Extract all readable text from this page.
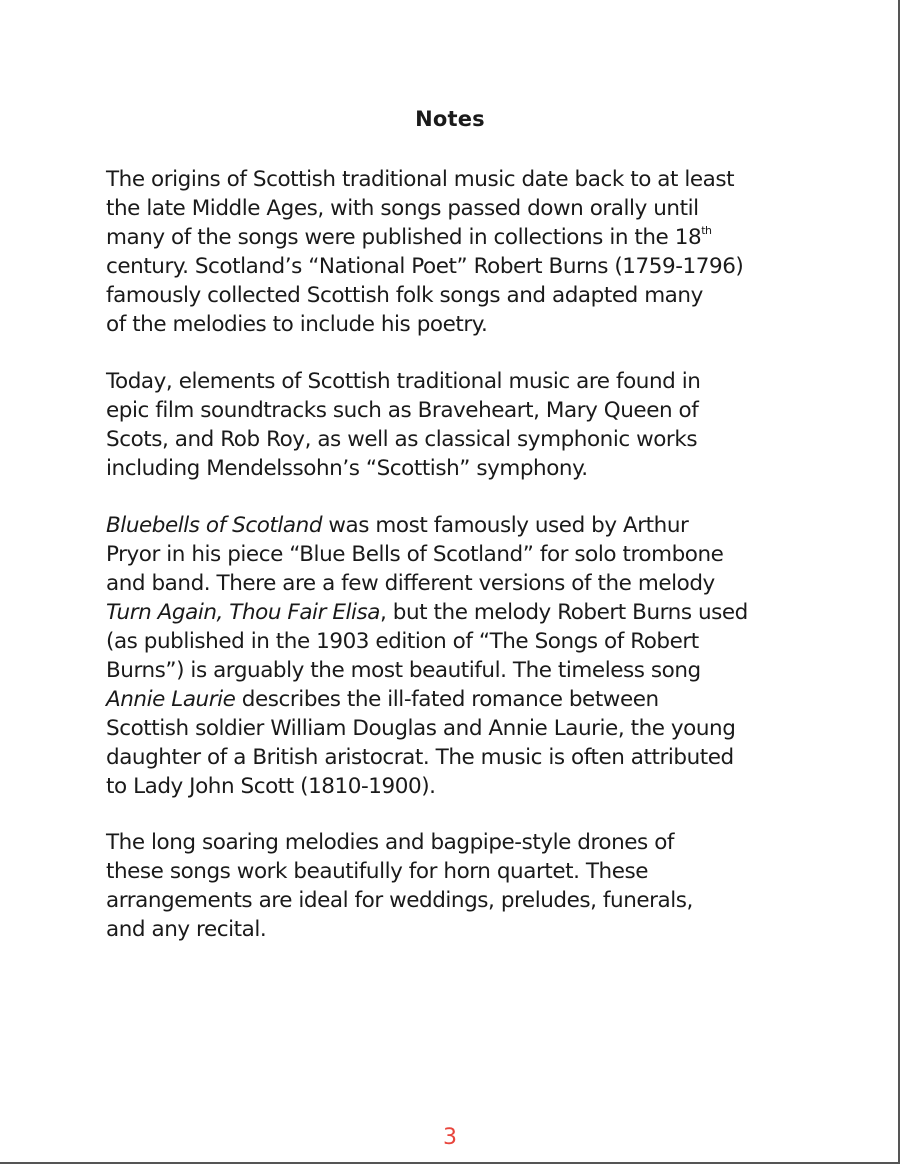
Notes

The origins of Scottish traditional music date back to at least
the late Middle Ages, with songs passed down orally until
many of the songs were published in collections in the 18th
century. Scotland’s “National Poet” Robert Burns (1759-1796)
famously collected Scottish folk songs and adapted many
of the melodies to include his poetry.

Today, elements of Scottish traditional music are found in
epic film soundtracks such as Braveheart, Mary Queen of
Scots, and Rob Roy, as well as classical symphonic works
including Mendelssohn’s “Scottish” symphony.

Bluebells of Scotland was most famously used by Arthur
Pryor in his piece “Blue Bells of Scotland” for solo trombone
and band. There are a few different versions of the melody
Turn Again, Thou Fair Elisa, but the melody Robert Burns used
(as published in the 1903 edition of “The Songs of Robert
Burns”) is arguably the most beautiful. The timeless song
Annie Laurie describes the ill-fated romance between
Scottish soldier William Douglas and Annie Laurie, the young
daughter of a British aristocrat. The music is often attributed
to Lady John Scott (1810-1900).

The long soaring melodies and bagpipe-style drones of
these songs work beautifully for horn quartet. These
arrangements are ideal for weddings, preludes, funerals,
and any recital.

3
